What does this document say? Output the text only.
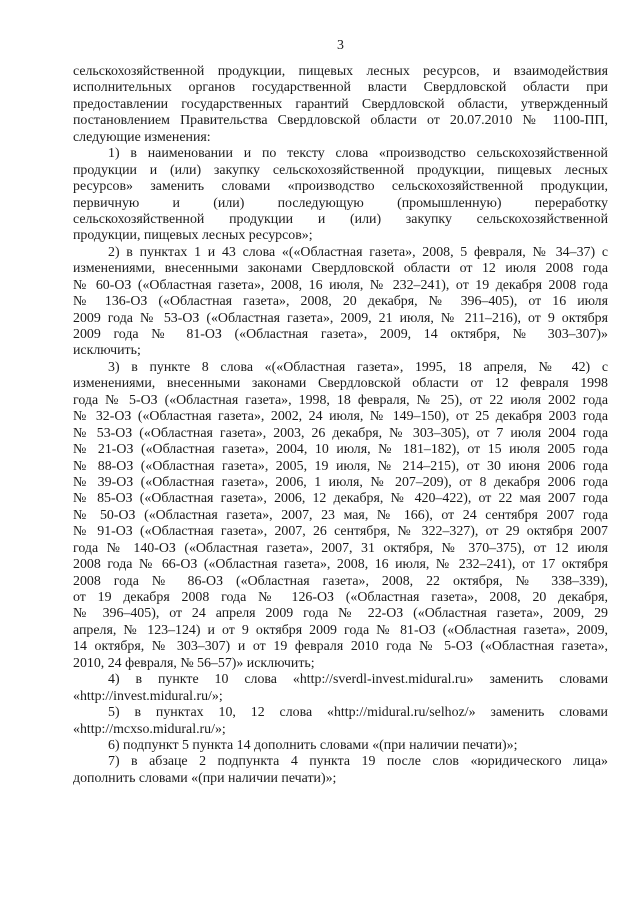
3
сельскохозяйственной продукции, пищевых лесных ресурсов, и взаимодействия
исполнительных органов государственной власти Свердловской области при
предоставлении государственных гарантий Свердловской области, утвержденный
постановлением Правительства Свердловской области от 20.07.2010 № 1100-ПП,
следующие изменения:
1) в наименовании и по тексту слова «производство сельскохозяйственной
продукции и (или) закупку сельскохозяйственной продукции, пищевых лесных
ресурсов» заменить словами «производство сельскохозяйственной продукции,
первичную и (или) последующую (промышленную) переработку
сельскохозяйственной продукции и (или) закупку сельскохозяйственной
продукции, пищевых лесных ресурсов»;
2) в пунктах 1 и 43 слова «(«Областная газета», 2008, 5 февраля, № 34–37) с
изменениями, внесенными законами Свердловской области от 12 июля 2008 года
№ 60-ОЗ («Областная газета», 2008, 16 июля, № 232–241), от 19 декабря 2008 года
№ 136-ОЗ («Областная газета», 2008, 20 декабря, № 396–405), от 16 июля
2009 года № 53-ОЗ («Областная газета», 2009, 21 июля, № 211–216), от 9 октября
2009 года № 81-ОЗ («Областная газета», 2009, 14 октября, № 303–307)»
исключить;
3) в пункте 8 слова «(«Областная газета», 1995, 18 апреля, № 42) с
изменениями, внесенными законами Свердловской области от 12 февраля 1998
года № 5-ОЗ («Областная газета», 1998, 18 февраля, № 25), от 22 июля 2002 года
№ 32-ОЗ («Областная газета», 2002, 24 июля, № 149–150), от 25 декабря 2003 года
№ 53-ОЗ («Областная газета», 2003, 26 декабря, № 303–305), от 7 июля 2004 года
№ 21-ОЗ («Областная газета», 2004, 10 июля, № 181–182), от 15 июля 2005 года
№ 88-ОЗ («Областная газета», 2005, 19 июля, № 214–215), от 30 июня 2006 года
№ 39-ОЗ («Областная газета», 2006, 1 июля, № 207–209), от 8 декабря 2006 года
№ 85-ОЗ («Областная газета», 2006, 12 декабря, № 420–422), от 22 мая 2007 года
№ 50-ОЗ («Областная газета», 2007, 23 мая, № 166), от 24 сентября 2007 года
№ 91-ОЗ («Областная газета», 2007, 26 сентября, № 322–327), от 29 октября 2007
года № 140-ОЗ («Областная газета», 2007, 31 октября, № 370–375), от 12 июля
2008 года № 66-ОЗ («Областная газета», 2008, 16 июля, № 232–241), от 17 октября
2008 года № 86-ОЗ («Областная газета», 2008, 22 октября, № 338–339),
от 19 декабря 2008 года № 126-ОЗ («Областная газета», 2008, 20 декабря,
№ 396–405), от 24 апреля 2009 года № 22-ОЗ («Областная газета», 2009, 29
апреля, № 123–124) и от 9 октября 2009 года № 81-ОЗ («Областная газета», 2009,
14 октября, № 303–307) и от 19 февраля 2010 года № 5-ОЗ («Областная газета»,
2010, 24 февраля, № 56–57)» исключить;
4) в пункте 10 слова «http://sverdl-invest.midural.ru» заменить словами
«http://invest.midural.ru/»;
5) в пунктах 10, 12 слова «http://midural.ru/selhoz/» заменить словами
«http://mcxso.midural.ru/»;
6) подпункт 5 пункта 14 дополнить словами «(при наличии печати)»;
7) в абзаце 2 подпункта 4 пункта 19 после слов «юридического лица»
дополнить словами «(при наличии печати)»;
